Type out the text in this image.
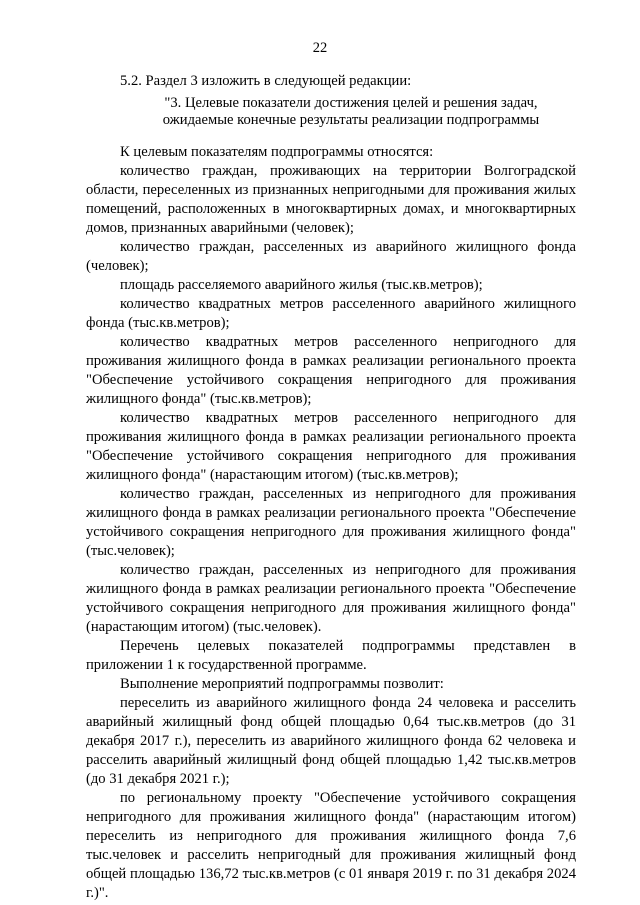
22

5.2. Раздел 3 изложить в следующей редакции:

"3. Целевые показатели достижения целей и решения задач,
ожидаемые конечные результаты реализации подпрограммы

К целевым показателям подпрограммы относятся:

количество граждан, проживающих на территории Волгоградской области, переселенных из признанных непригодными для проживания жилых помещений, расположенных в многоквартирных домах, и многоквартирных домов, признанных аварийными (человек);

количество граждан, расселенных из аварийного жилищного фонда (человек);

площадь расселяемого аварийного жилья (тыс.кв.метров);

количество квадратных метров расселенного аварийного жилищного фонда (тыс.кв.метров);

количество квадратных метров расселенного непригодного для проживания жилищного фонда в рамках реализации регионального проекта "Обеспечение устойчивого сокращения непригодного для проживания жилищного фонда" (тыс.кв.метров);

количество квадратных метров расселенного непригодного для проживания жилищного фонда в рамках реализации регионального проекта "Обеспечение устойчивого сокращения непригодного для проживания жилищного фонда" (нарастающим итогом) (тыс.кв.метров);

количество граждан, расселенных из непригодного для проживания жилищного фонда в рамках реализации регионального проекта "Обеспечение устойчивого сокращения непригодного для проживания жилищного фонда" (тыс.человек);

количество граждан, расселенных из непригодного для проживания жилищного фонда в рамках реализации регионального проекта "Обеспечение устойчивого сокращения непригодного для проживания жилищного фонда" (нарастающим итогом) (тыс.человек).

Перечень целевых показателей подпрограммы представлен в приложении 1 к государственной программе.

Выполнение мероприятий подпрограммы позволит:

переселить из аварийного жилищного фонда 24 человека и расселить аварийный жилищный фонд общей площадью 0,64 тыс.кв.метров (до 31 декабря 2017 г.), переселить из аварийного жилищного фонда 62 человека и расселить аварийный жилищный фонд общей площадью 1,42 тыс.кв.метров (до 31 декабря 2021 г.);

по региональному проекту "Обеспечение устойчивого сокращения непригодного для проживания жилищного фонда" (нарастающим итогом) переселить из непригодного для проживания жилищного фонда 7,6 тыс.человек и расселить непригодный для проживания жилищный фонд общей площадью 136,72 тыс.кв.метров (с 01 января 2019 г. по 31 декабря 2024 г.)".
